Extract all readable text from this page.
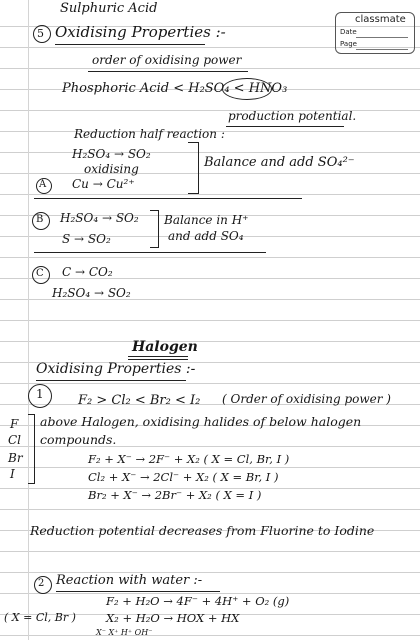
classmate
Date
Page
Sulphuric Acid
5 Oxidising Properties :-
order of oxidising power
Phosphoric Acid < H₂SO₄ < HNO₃
production potential.
Reduction half reaction :
H₂SO₄ → SO₂
oxidising
A Cu → Cu²⁺
Balance and add SO₄²⁻
B H₂SO₄ → SO₂
S → SO₂
Balance in H⁺
and add SO₄
C C → CO₂
H₂SO₄ → SO₂
Halogen
Oxidising Properties :-
1	F₂ > Cl₂ < Br₂ < I₂ ( Order of oxidising power )
F
Cl
Br
I
above Halogen, oxidising halides of below halogen
compounds.
F₂ + X⁻ → 2F⁻ + X₂ ( X = Cl, Br, I )
Cl₂ + X⁻ → 2Cl⁻ + X₂ ( X = Br, I )
Br₂ + X⁻ → 2Br⁻ + X₂ ( X = I )
Reduction potential decreases from Fluorine to Iodine
2 Reaction with water :-
F₂ + H₂O → 4F⁻ + 4H⁺ + O₂ (g)
( X = Cl, Br )	X₂ + H₂O → HOX + HX
X⁻ X⁺ H⁺ OH⁻
